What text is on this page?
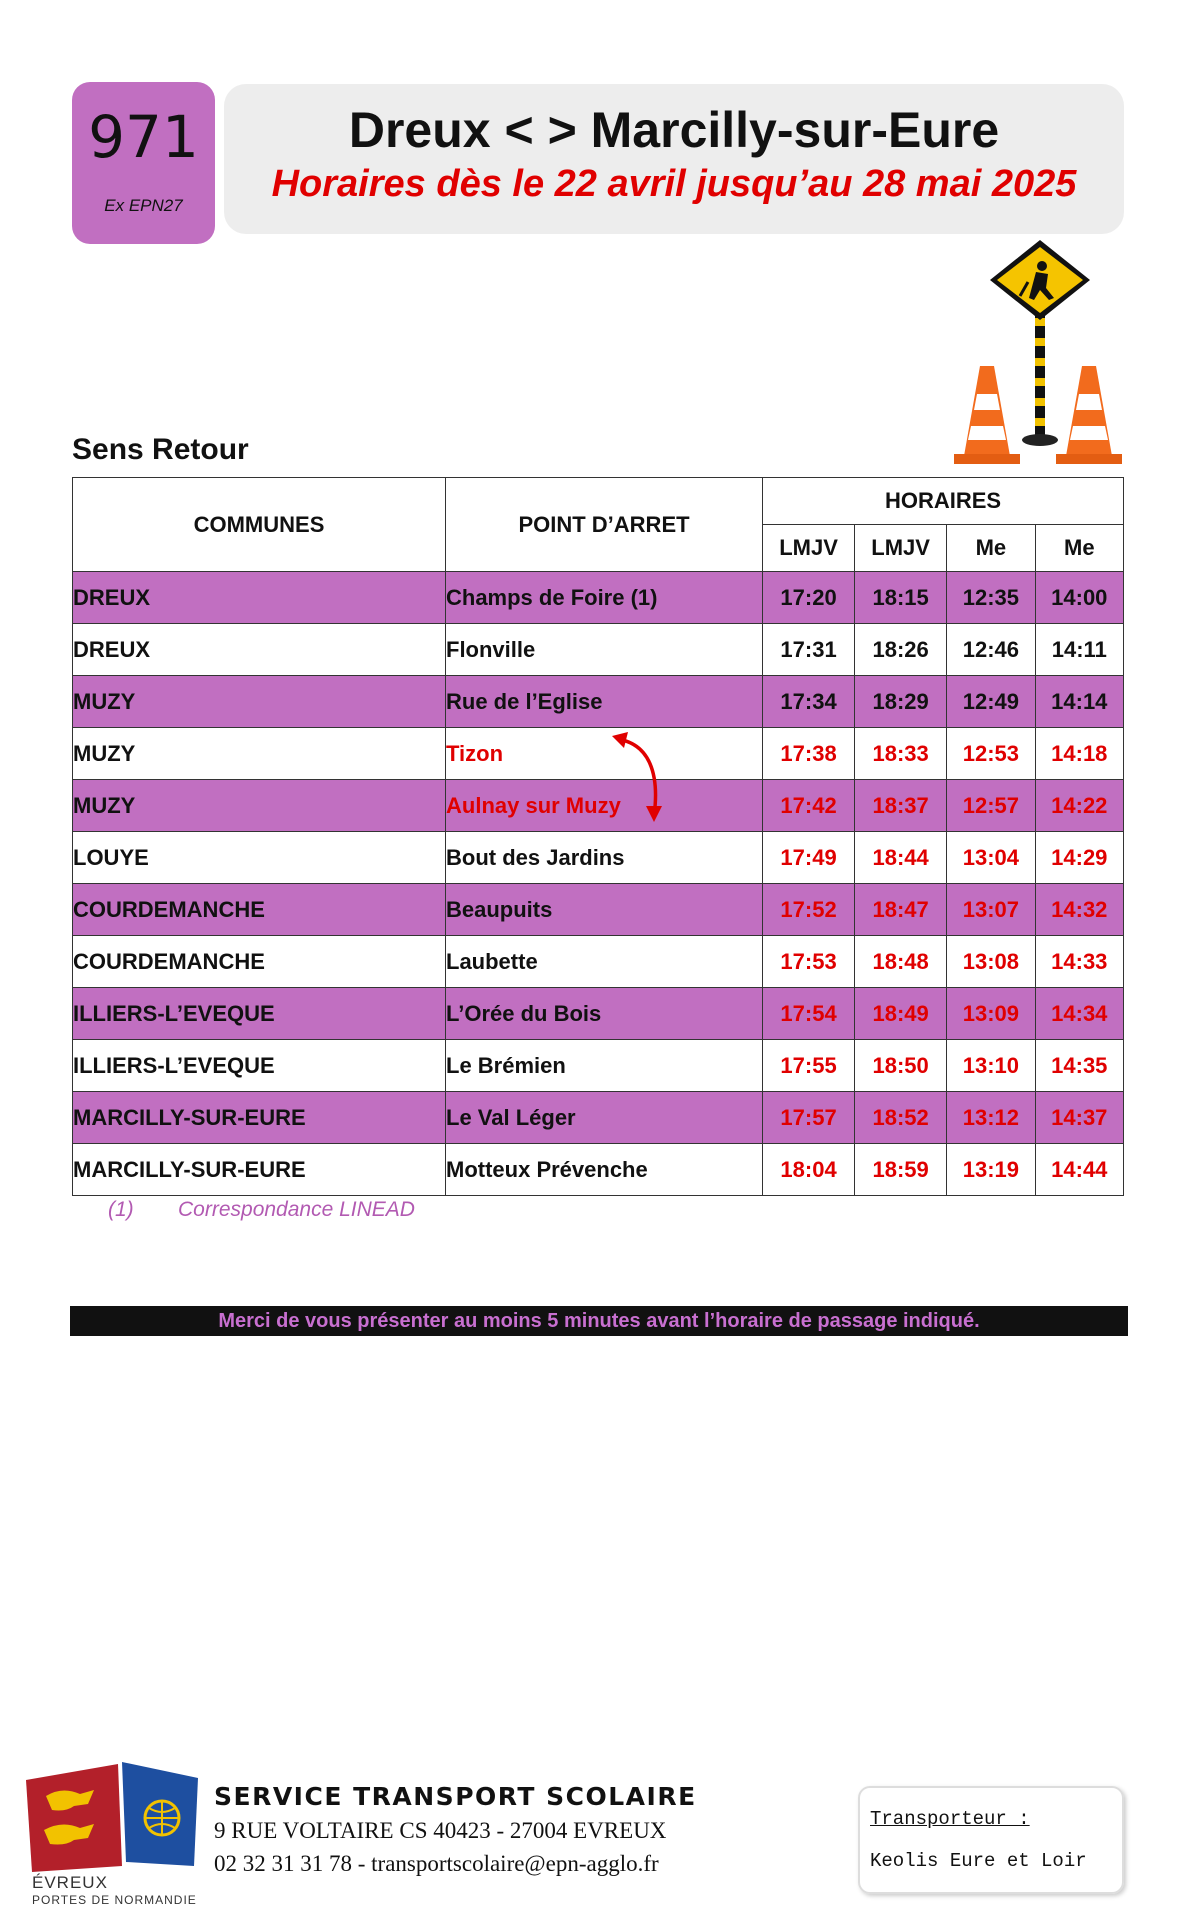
971
Ex EPN27
Dreux < > Marcilly-sur-Eure
Horaires dès le 22 avril jusqu’au 28 mai 2025
Sens Retour
COMMUNES	POINT D’ARRET	HORAIRES			
		LMJV	LMJV	Me	Me
DREUX	Champs de Foire (1)	17:20	18:15	12:35	14:00
DREUX	Flonville	17:31	18:26	12:46	14:11
MUZY	Rue de l’Eglise	17:34	18:29	12:49	14:14
MUZY	Tizon	17:38	18:33	12:53	14:18
MUZY	Aulnay sur Muzy	17:42	18:37	12:57	14:22
LOUYE	Bout des Jardins	17:49	18:44	13:04	14:29
COURDEMANCHE	Beaupuits	17:52	18:47	13:07	14:32
COURDEMANCHE	Laubette	17:53	18:48	13:08	14:33
ILLIERS-L’EVEQUE	L’Orée du Bois	17:54	18:49	13:09	14:34
ILLIERS-L’EVEQUE	Le Brémien	17:55	18:50	13:10	14:35
MARCILLY-SUR-EURE	Le Val Léger	17:57	18:52	13:12	14:37
MARCILLY-SUR-EURE	Motteux Prévenche	18:04	18:59	13:19	14:44
(1) Correspondance LINEAD
Merci de vous présenter au moins 5 minutes avant l’horaire de passage indiqué.
ÉVREUX
PORTES DE NORMANDIE
SERVICE TRANSPORT SCOLAIRE
9 RUE VOLTAIRE CS 40423 - 27004 EVREUX
02 32 31 31 78 - transportscolaire@epn-agglo.fr
Transporteur :
Keolis Eure et Loir
